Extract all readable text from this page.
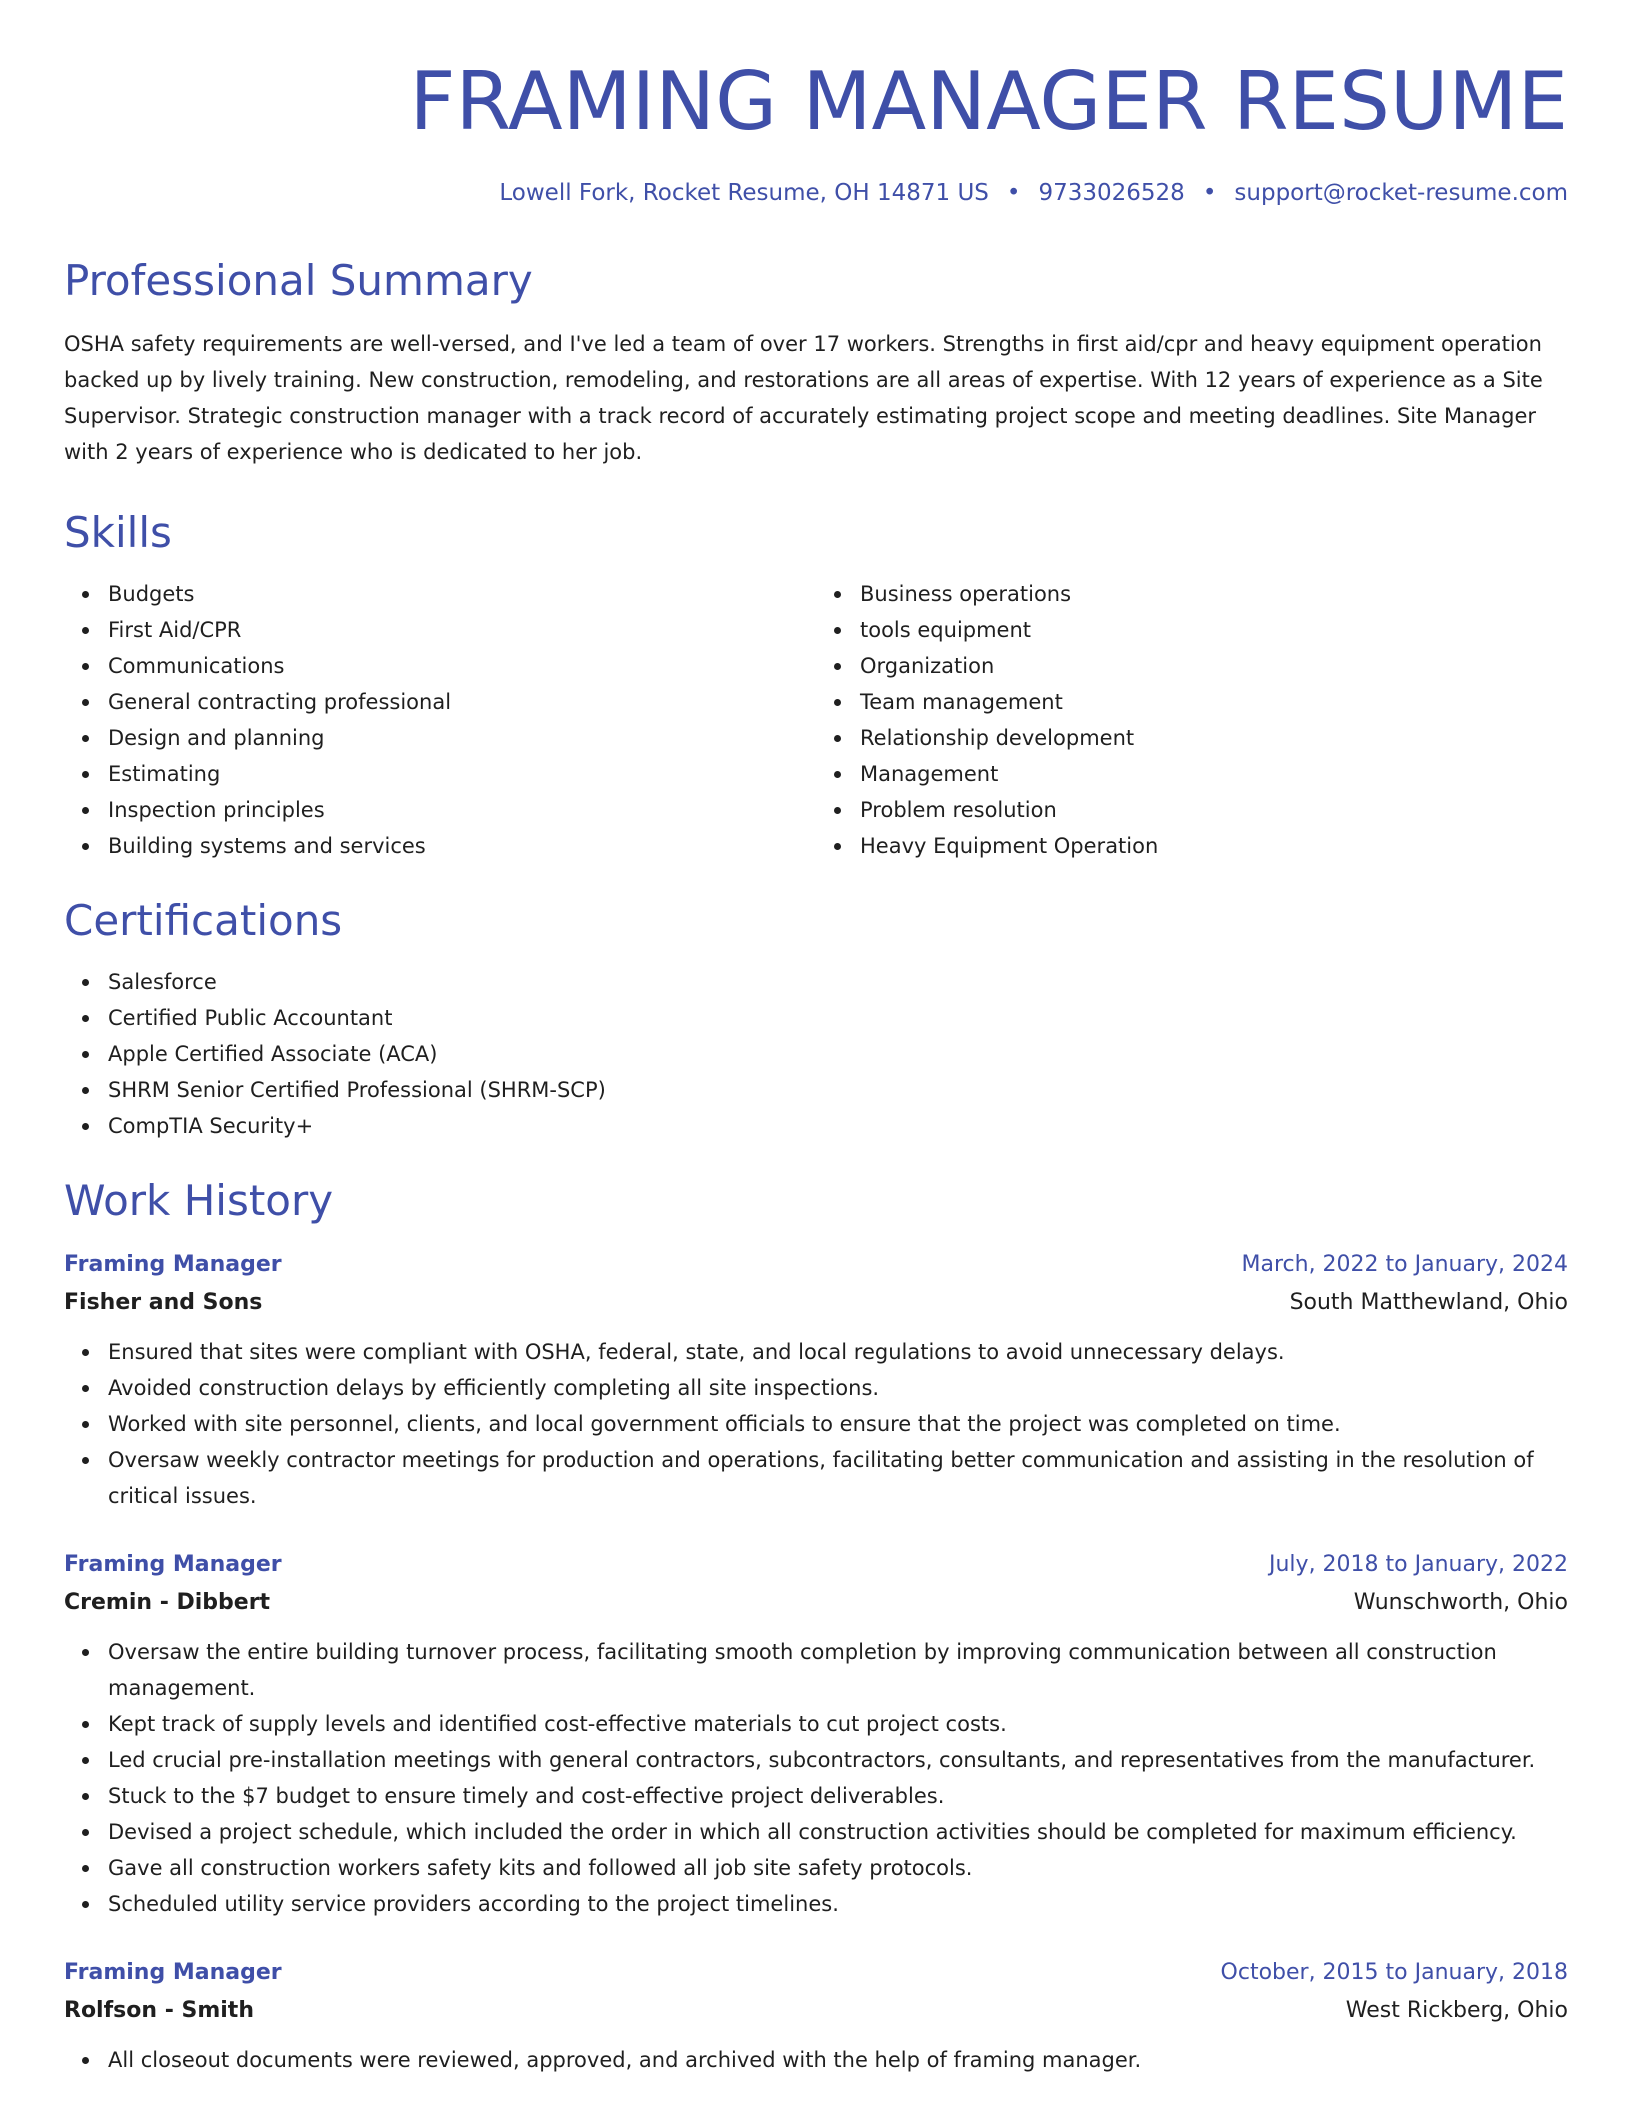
FRAMING MANAGER RESUME
Lowell Fork, Rocket Resume, OH 14871 US • 9733026528 • support@rocket-resume.com
Professional Summary
OSHA safety requirements are well-versed, and I've led a team of over 17 workers. Strengths in first aid/cpr and heavy equipment operation backed up by lively training. New construction, remodeling, and restorations are all areas of expertise. With 12 years of experience as a Site Supervisor. Strategic construction manager with a track record of accurately estimating project scope and meeting deadlines. Site Manager with 2 years of experience who is dedicated to her job.
Skills
Budgets
First Aid/CPR
Communications
General contracting professional
Design and planning
Estimating
Inspection principles
Building systems and services
Business operations
tools equipment
Organization
Team management
Relationship development
Management
Problem resolution
Heavy Equipment Operation
Certifications
Salesforce
Certified Public Accountant
Apple Certified Associate (ACA)
SHRM Senior Certified Professional (SHRM-SCP)
CompTIA Security+
Work History
Framing Manager	March, 2022 to January, 2024
Fisher and Sons	South Matthewland, Ohio
Ensured that sites were compliant with OSHA, federal, state, and local regulations to avoid unnecessary delays.
Avoided construction delays by efficiently completing all site inspections.
Worked with site personnel, clients, and local government officials to ensure that the project was completed on time.
Oversaw weekly contractor meetings for production and operations, facilitating better communication and assisting in the resolution of critical issues.
Framing Manager	July, 2018 to January, 2022
Cremin - Dibbert	Wunschworth, Ohio
Oversaw the entire building turnover process, facilitating smooth completion by improving communication between all construction management.
Kept track of supply levels and identified cost-effective materials to cut project costs.
Led crucial pre-installation meetings with general contractors, subcontractors, consultants, and representatives from the manufacturer.
Stuck to the $7 budget to ensure timely and cost-effective project deliverables.
Devised a project schedule, which included the order in which all construction activities should be completed for maximum efficiency.
Gave all construction workers safety kits and followed all job site safety protocols.
Scheduled utility service providers according to the project timelines.
Framing Manager	October, 2015 to January, 2018
Rolfson - Smith	West Rickberg, Ohio
All closeout documents were reviewed, approved, and archived with the help of framing manager.
